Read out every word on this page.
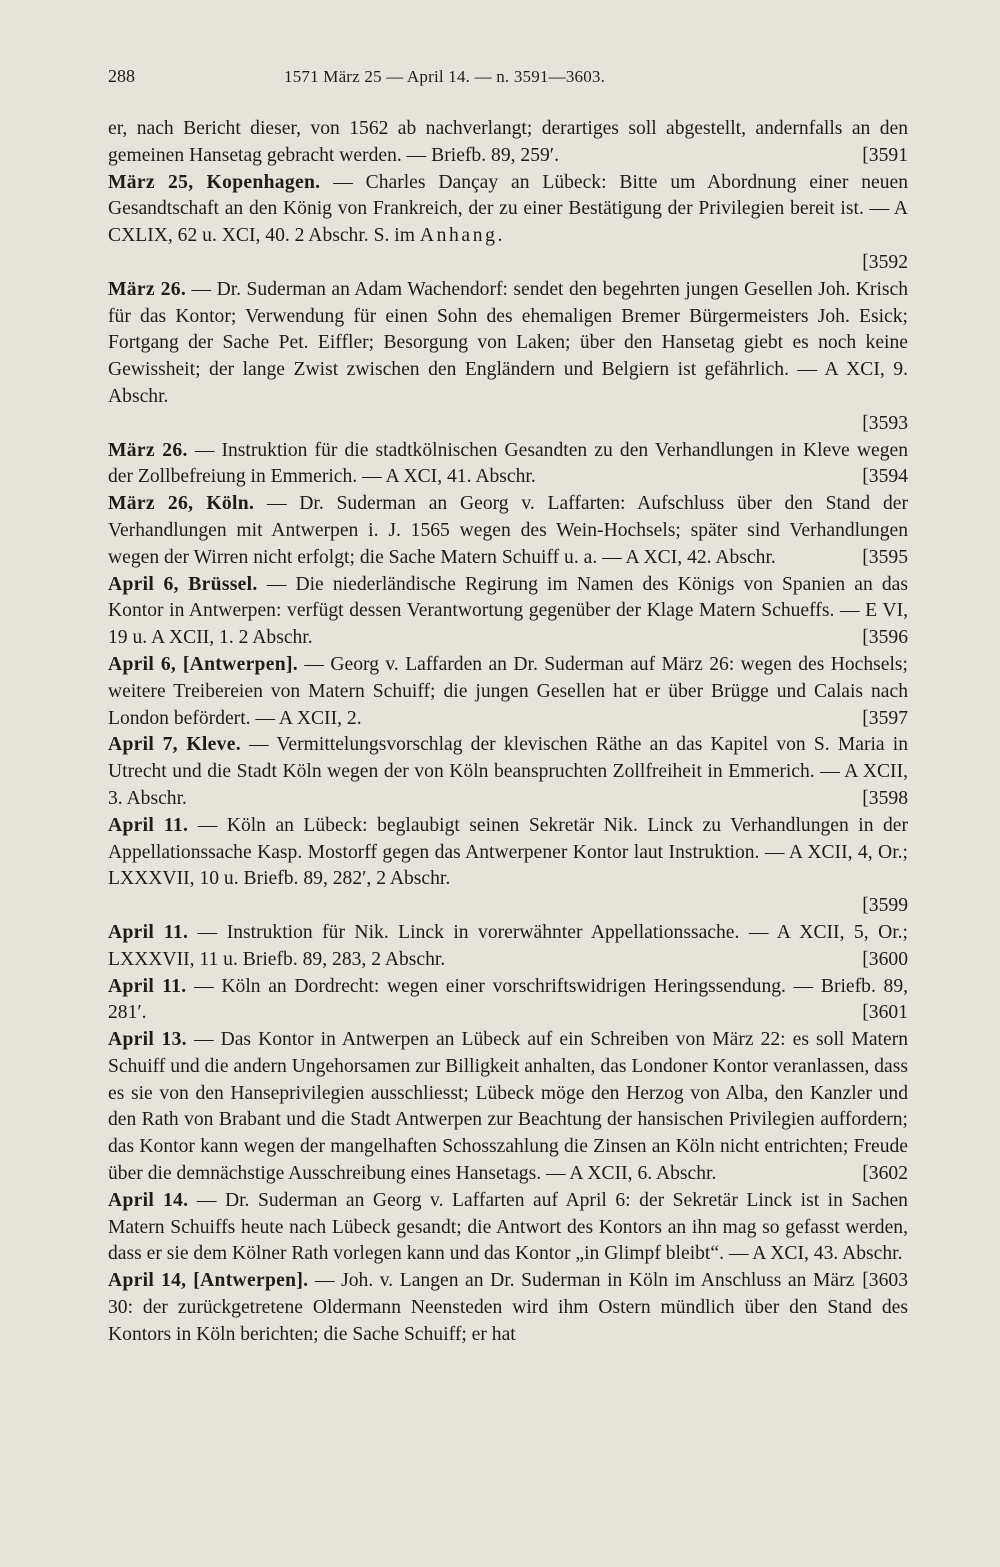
288	1571 März 25 — April 14. — n. 3591—3603.

er, nach Bericht dieser, von 1562 ab nachverlangt; derartiges soll abgestellt, andernfalls an den gemeinen Hansetag gebracht werden. — Briefb. 89, 259′.	[3591

März 25, Kopenhagen. — Charles Dançay an Lübeck: Bitte um Abordnung einer neuen Gesandtschaft an den König von Frankreich, der zu einer Bestätigung der Privilegien bereit ist. — A CXLIX, 62 u. XCI, 40. 2 Abschr. S. im Anhang.

[3592

März 26. — Dr. Suderman an Adam Wachendorf: sendet den begehrten jungen Gesellen Joh. Krisch für das Kontor; Verwendung für einen Sohn des ehemaligen Bremer Bürgermeisters Joh. Esick; Fortgang der Sache Pet. Eiffler; Besorgung von Laken; über den Hansetag giebt es noch keine Gewissheit; der lange Zwist zwischen den Engländern und Belgiern ist gefährlich. — A XCI, 9. Abschr.

[3593

März 26. — Instruktion für die stadtkölnischen Gesandten zu den Verhandlungen in Kleve wegen der Zollbefreiung in Emmerich. — A XCI, 41. Abschr.	[3594

März 26, Köln. — Dr. Suderman an Georg v. Laffarten: Aufschluss über den Stand der Verhandlungen mit Antwerpen i. J. 1565 wegen des Wein-Hochsels; später sind Verhandlungen wegen der Wirren nicht erfolgt; die Sache Matern Schuiff u. a. — A XCI, 42. Abschr.	[3595

April 6, Brüssel. — Die niederländische Regirung im Namen des Königs von Spanien an das Kontor in Antwerpen: verfügt dessen Verantwortung gegenüber der Klage Matern Schueffs. — E VI, 19 u. A XCII, 1. 2 Abschr.	[3596

April 6, [Antwerpen]. — Georg v. Laffarden an Dr. Suderman auf März 26: wegen des Hochsels; weitere Treibereien von Matern Schuiff; die jungen Gesellen hat er über Brügge und Calais nach London befördert. — A XCII, 2.	[3597

April 7, Kleve. — Vermittelungsvorschlag der klevischen Räthe an das Kapitel von S. Maria in Utrecht und die Stadt Köln wegen der von Köln beanspruchten Zollfreiheit in Emmerich. — A XCII, 3. Abschr.	[3598

April 11. — Köln an Lübeck: beglaubigt seinen Sekretär Nik. Linck zu Verhandlungen in der Appellationssache Kasp. Mostorff gegen das Antwerpener Kontor laut Instruktion. — A XCII, 4, Or.; LXXXVII, 10 u. Briefb. 89, 282′, 2 Abschr.

[3599

April 11. — Instruktion für Nik. Linck in vorerwähnter Appellationssache. — A XCII, 5, Or.; LXXXVII, 11 u. Briefb. 89, 283, 2 Abschr.	[3600

April 11. — Köln an Dordrecht: wegen einer vorschriftswidrigen Heringssendung. — Briefb. 89, 281′.	[3601

April 13. — Das Kontor in Antwerpen an Lübeck auf ein Schreiben von März 22: es soll Matern Schuiff und die andern Ungehorsamen zur Billigkeit anhalten, das Londoner Kontor veranlassen, dass es sie von den Hanseprivilegien ausschliesst; Lübeck möge den Herzog von Alba, den Kanzler und den Rath von Brabant und die Stadt Antwerpen zur Beachtung der hansischen Privilegien auffordern; das Kontor kann wegen der mangelhaften Schosszahlung die Zinsen an Köln nicht entrichten; Freude über die demnächstige Ausschreibung eines Hansetags. — A XCII, 6. Abschr.	[3602

April 14. — Dr. Suderman an Georg v. Laffarten auf April 6: der Sekretär Linck ist in Sachen Matern Schuiffs heute nach Lübeck gesandt; die Antwort des Kontors an ihn mag so gefasst werden, dass er sie dem Kölner Rath vorlegen kann und das Kontor „in Glimpf bleibt“. — A XCI, 43. Abschr.
[3603

April 14, [Antwerpen]. — Joh. v. Langen an Dr. Suderman in Köln im Anschluss an März 30: der zurückgetretene Oldermann Neensteden wird ihm Ostern mündlich über den Stand des Kontors in Köln berichten; die Sache Schuiff; er hat
